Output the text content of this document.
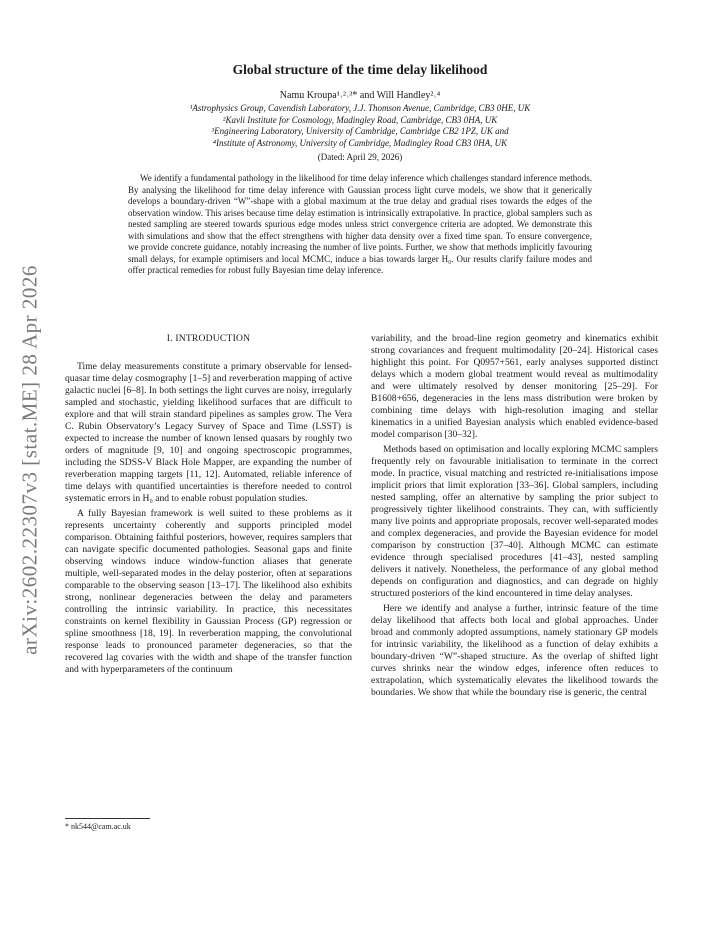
arXiv:2602.22307v3 [stat.ME] 28 Apr 2026
Global structure of the time delay likelihood
Namu Kroupa¹˒²˒³* and Will Handley²˒⁴
¹Astrophysics Group, Cavendish Laboratory, J.J. Thomson Avenue, Cambridge, CB3 0HE, UK
²Kavli Institute for Cosmology, Madingley Road, Cambridge, CB3 0HA, UK
³Engineering Laboratory, University of Cambridge, Cambridge CB2 1PZ, UK and
⁴Institute of Astronomy, University of Cambridge, Madingley Road CB3 0HA, UK
(Dated: April 29, 2026)
We identify a fundamental pathology in the likelihood for time delay inference which challenges standard inference methods. By analysing the likelihood for time delay inference with Gaussian process light curve models, we show that it generically develops a boundary-driven “W”-shape with a global maximum at the true delay and gradual rises towards the edges of the observation window. This arises because time delay estimation is intrinsically extrapolative. In practice, global samplers such as nested sampling are steered towards spurious edge modes unless strict convergence criteria are adopted. We demonstrate this with simulations and show that the effect strengthens with higher data density over a fixed time span. To ensure convergence, we provide concrete guidance, notably increasing the number of live points. Further, we show that methods implicitly favouring small delays, for example optimisers and local MCMC, induce a bias towards larger H₀. Our results clarify failure modes and offer practical remedies for robust fully Bayesian time delay inference.
I. INTRODUCTION

Time delay measurements constitute a primary observable for lensed-quasar time delay cosmography [1–5] and reverberation mapping of active galactic nuclei [6–8]. In both settings the light curves are noisy, irregularly sampled and stochastic, yielding likelihood surfaces that are difficult to explore and that will strain standard pipelines as samples grow. The Vera C. Rubin Observatory’s Legacy Survey of Space and Time (LSST) is expected to increase the number of known lensed quasars by roughly two orders of magnitude [9, 10] and ongoing spectroscopic programmes, including the SDSS-V Black Hole Mapper, are expanding the number of reverberation mapping targets [11, 12]. Automated, reliable inference of time delays with quantified uncertainties is therefore needed to control systematic errors in H₀ and to enable robust population studies.

A fully Bayesian framework is well suited to these problems as it represents uncertainty coherently and supports principled model comparison. Obtaining faithful posteriors, however, requires samplers that can navigate specific documented pathologies. Seasonal gaps and finite observing windows induce window-function aliases that generate multiple, well-separated modes in the delay posterior, often at separations comparable to the observing season [13–17]. The likelihood also exhibits strong, nonlinear degeneracies between the delay and parameters controlling the intrinsic variability. In practice, this necessitates constraints on kernel flexibility in Gaussian Process (GP) regression or spline smoothness [18, 19]. In reverberation mapping, the convolutional response leads to pronounced parameter degeneracies, so that the recovered lag covaries with the width and shape of the transfer function and with hyperparameters of the continuum

variability, and the broad-line region geometry and kinematics exhibit strong covariances and frequent multimodality [20–24]. Historical cases highlight this point. For Q0957+561, early analyses supported distinct delays which a modern global treatment would reveal as multimodality and were ultimately resolved by denser monitoring [25–29]. For B1608+656, degeneracies in the lens mass distribution were broken by combining time delays with high-resolution imaging and stellar kinematics in a unified Bayesian analysis which enabled evidence-based model comparison [30–32].

Methods based on optimisation and locally exploring MCMC samplers frequently rely on favourable initialisation to terminate in the correct mode. In practice, visual matching and restricted re-initialisations impose implicit priors that limit exploration [33–36]. Global samplers, including nested sampling, offer an alternative by sampling the prior subject to progressively tighter likelihood constraints. They can, with sufficiently many live points and appropriate proposals, recover well-separated modes and complex degeneracies, and provide the Bayesian evidence for model comparison by construction [37–40]. Although MCMC can estimate evidence through specialised procedures [41–43], nested sampling delivers it natively. Nonetheless, the performance of any global method depends on configuration and diagnostics, and can degrade on highly structured posteriors of the kind encountered in time delay analyses.

Here we identify and analyse a further, intrinsic feature of the time delay likelihood that affects both local and global approaches. Under broad and commonly adopted assumptions, namely stationary GP models for intrinsic variability, the likelihood as a function of delay exhibits a boundary-driven “W”-shaped structure. As the overlap of shifted light curves shrinks near the window edges, inference often reduces to extrapolation, which systematically elevates the likelihood towards the boundaries. We show that while the boundary rise is generic, the central

* nk544@cam.ac.uk
